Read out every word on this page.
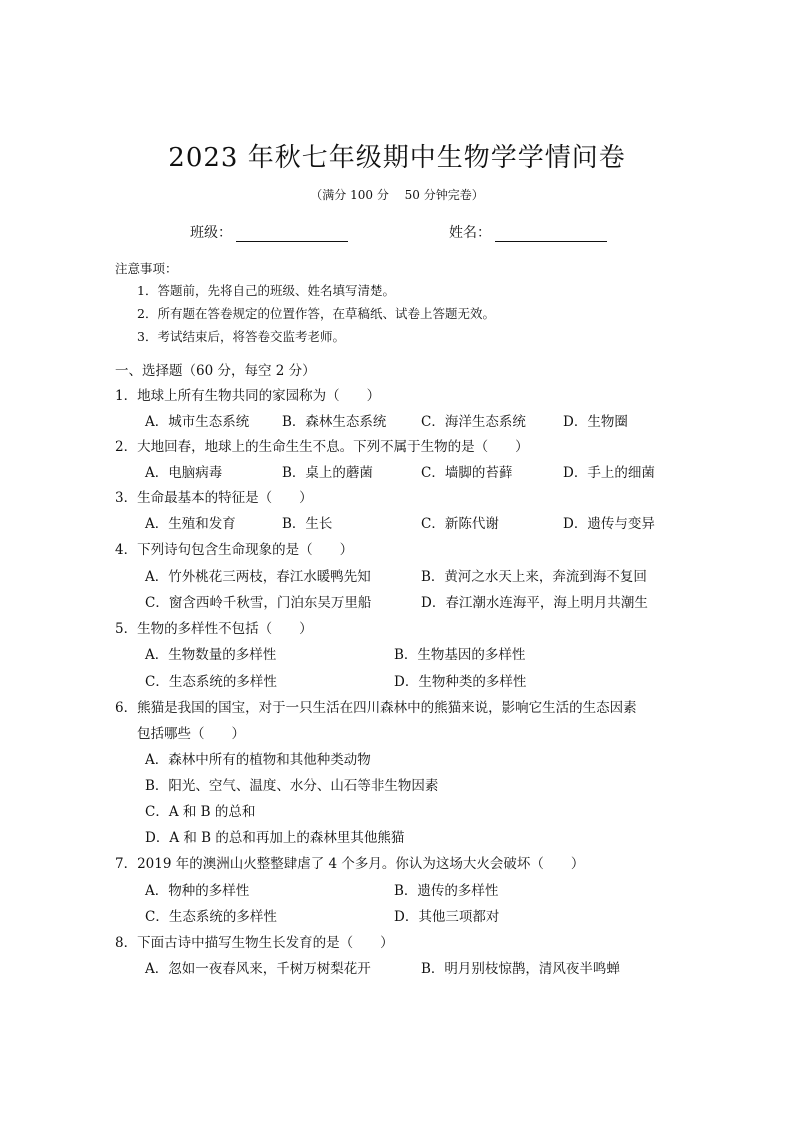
2023 年秋七年级期中生物学学情问卷
（满分 100 分　 50 分钟完卷）
班级：	姓名：
注意事项：
1．答题前，先将自己的班级、姓名填写清楚。
2．所有题在答卷规定的位置作答，在草稿纸、试卷上答题无效。
3．考试结束后，将答卷交监考老师。
一、选择题（60 分，每空 2 分）
1．地球上所有生物共同的家园称为（　　）
A．城市生态系统 B．森林生态系统	C．海洋生态系统	D．生物圈
2．大地回春，地球上的生命生生不息。下列不属于生物的是（　　）
A．电脑病毒	B．桌上的蘑菌	C．墙脚的苔藓	D．手上的细菌
3．生命最基本的特征是（　　）
A．生殖和发育	B．生长	C．新陈代谢	D．遗传与变异
4．下列诗句包含生命现象的是（　　）
A．竹外桃花三两枝，春江水暖鸭先知	B．黄河之水天上来，奔流到海不复回
C．窗含西岭千秋雪，门泊东吴万里船	D．春江潮水连海平，海上明月共潮生
5．生物的多样性不包括（　　）
A．生物数量的多样性	B．生物基因的多样性
C．生态系统的多样性	D．生物种类的多样性
6．熊猫是我国的国宝，对于一只生活在四川森林中的熊猫来说，影响它生活的生态因素
包括哪些（　　）
A．森林中所有的植物和其他种类动物
B．阳光、空气、温度、水分、山石等非生物因素
C．A 和 B 的总和
D．A 和 B 的总和再加上的森林里其他熊猫
7．2019 年的澳洲山火整整肆虐了 4 个多月。你认为这场大火会破坏（　　）
A．物种的多样性	B．遗传的多样性
C．生态系统的多样性	D．其他三项都对
8．下面古诗中描写生物生长发育的是（　　）
A．忽如一夜春风来，千树万树梨花开	B．明月别枝惊鹊，清风夜半鸣蝉
